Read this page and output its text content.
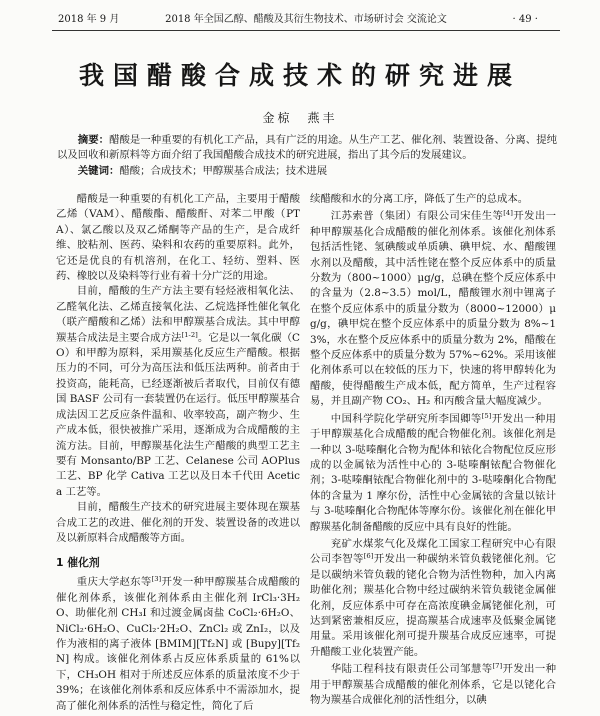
2018 年 9 月	2018 年全国乙醇、醋酸及其衍生物技术、市场研讨会 交流论文	· 49 ·
我国醋酸合成技术的研究进展
金椋　燕丰

摘要：醋酸是一种重要的有机化工产品，具有广泛的用途。从生产工艺、催化剂、装置设备、分离、提纯以及回收和新原料等方面介绍了我国醋酸合成技术的研究进展，指出了其今后的发展建议。

关键词：醋酸；合成技术；甲醇羰基合成法；技术进展

醋酸是一种重要的有机化工产品，主要用于醋酸乙烯（VAM）、醋酸酯、醋酸酐、对苯二甲酸（PTA）、氯乙酸以及双乙烯酮等产品的生产，是合成纤维、胶粘剂、医药、染料和农药的重要原料。此外，它还是优良的有机溶剂，在化工、轻纺、塑料、医药、橡胶以及染料等行业有着十分广泛的用途。

目前，醋酸的生产方法主要有轻烃液相氧化法、乙醛氧化法、乙烯直接氧化法、乙烷选择性催化氧化（联产醋酸和乙烯）法和甲醇羰基合成法。其中甲醇羰基合成法是主要合成方法[1-2]。它是以一氧化碳（CO）和甲醇为原料，采用羰基化反应生产醋酸。根据压力的不同，可分为高压法和低压法两种。前者由于投资高，能耗高，已经逐渐被后者取代，目前仅有德国 BASF 公司有一套装置仍在运行。低压甲醇羰基合成法因工艺反应条件温和、收率较高，副产物少、生产成本低，很快被推广采用，逐渐成为合成醋酸的主流方法。目前，甲醇羰基化法生产醋酸的典型工艺主要有 Monsanto/BP 工艺、Celanese 公司 AOPlus 工艺、BP 化学 Cativa 工艺以及日本千代田 Acetica 工艺等。

目前，醋酸生产技术的研究进展主要体现在羰基合成工艺的改进、催化剂的开发、装置设备的改进以及以新原料合成醋酸等方面。

1 催化剂

重庆大学赵东等[3]开发一种甲醇羰基合成醋酸的催化剂体系，该催化剂体系由主催化剂 IrCl₃·3H₂O、助催化剂 CH₃I 和过渡金属卤盐 CoCl₂·6H₂O、NiCl₂·6H₂O、CuCl₂·2H₂O、ZnCl₂ 或 ZnI₂，以及作为液相的离子液体 [BMIM][Tf₂N] 或 [Bupy][Tf₂N] 构成。该催化剂体系占反应体系质量的 61%以下，CH₃OH 相对于所述反应体系的质量浓度不少于 39%；在该催化剂体系和反应体系中不需添加水，提高了催化剂体系的活性与稳定性，简化了后

续醋酸和水的分离工序，降低了生产的总成本。

江苏索普（集团）有限公司宋佳生等[4]开发出一种甲醇羰基化合成醋酸的催化剂体系。该催化剂体系包括活性铑、氢碘酸或单质碘、碘甲烷、水、醋酸锂水剂以及醋酸，其中活性铑在整个反应体系中的质量分数为（800~1000）μg/g，总碘在整个反应体系中的含量为（2.8~3.5）mol/L，醋酸锂水剂中锂离子在整个反应体系中的质量分数为（8000~12000）μg/g，碘甲烷在整个反应体系中的质量分数为 8%~13%，水在整个反应体系中的质量分数为 2%，醋酸在整个反应体系中的质量分数为 57%~62%。采用该催化剂体系可以在较低的压力下，快速的将甲醇转化为醋酸，使得醋酸生产成本低，配方简单，生产过程容易，并且副产物 CO₂、H₂ 和丙酸含量大幅度减少。

中国科学院化学研究所李国卿等[5]开发出一种用于甲醇羰基化合成醋酸的配合物催化剂。该催化剂是一种以 3-哒嗪酮化合物为配体和铱化合物配位反应形成的以金属铱为活性中心的 3-哒嗪酮铱配合物催化剂；3-哒嗪酮铱配合物催化剂中的 3-哒嗪酮化合物配体的含量为 1 摩尔份，活性中心金属铱的含量以铱计与 3-哒嗪酮化合物配体等摩尔份。该催化剂在催化甲醇羰基化制备醋酸的反应中具有良好的性能。

兖矿水煤浆气化及煤化工国家工程研究中心有限公司李智等[6]开发出一种碳纳米管负载铑催化剂。它是以碳纳米管负载的铑化合物为活性物种，加入内离助催化剂；羰基化合物中经过碳纳米管负载铑金属催化剂，反应体系中可存在高浓度碘金属铑催化剂，可达到紧密兼相反应，提高羰基合成速率及低聚金属铑用量。采用该催化剂可提升羰基合成反应速率，可提升醋酸工业化装置产能。

华陆工程科技有限责任公司邹慧等[7]开发出一种用于甲醇羰基合成醋酸的催化剂体系，它是以铑化合物为羰基合成催化剂的活性组分，以碘
